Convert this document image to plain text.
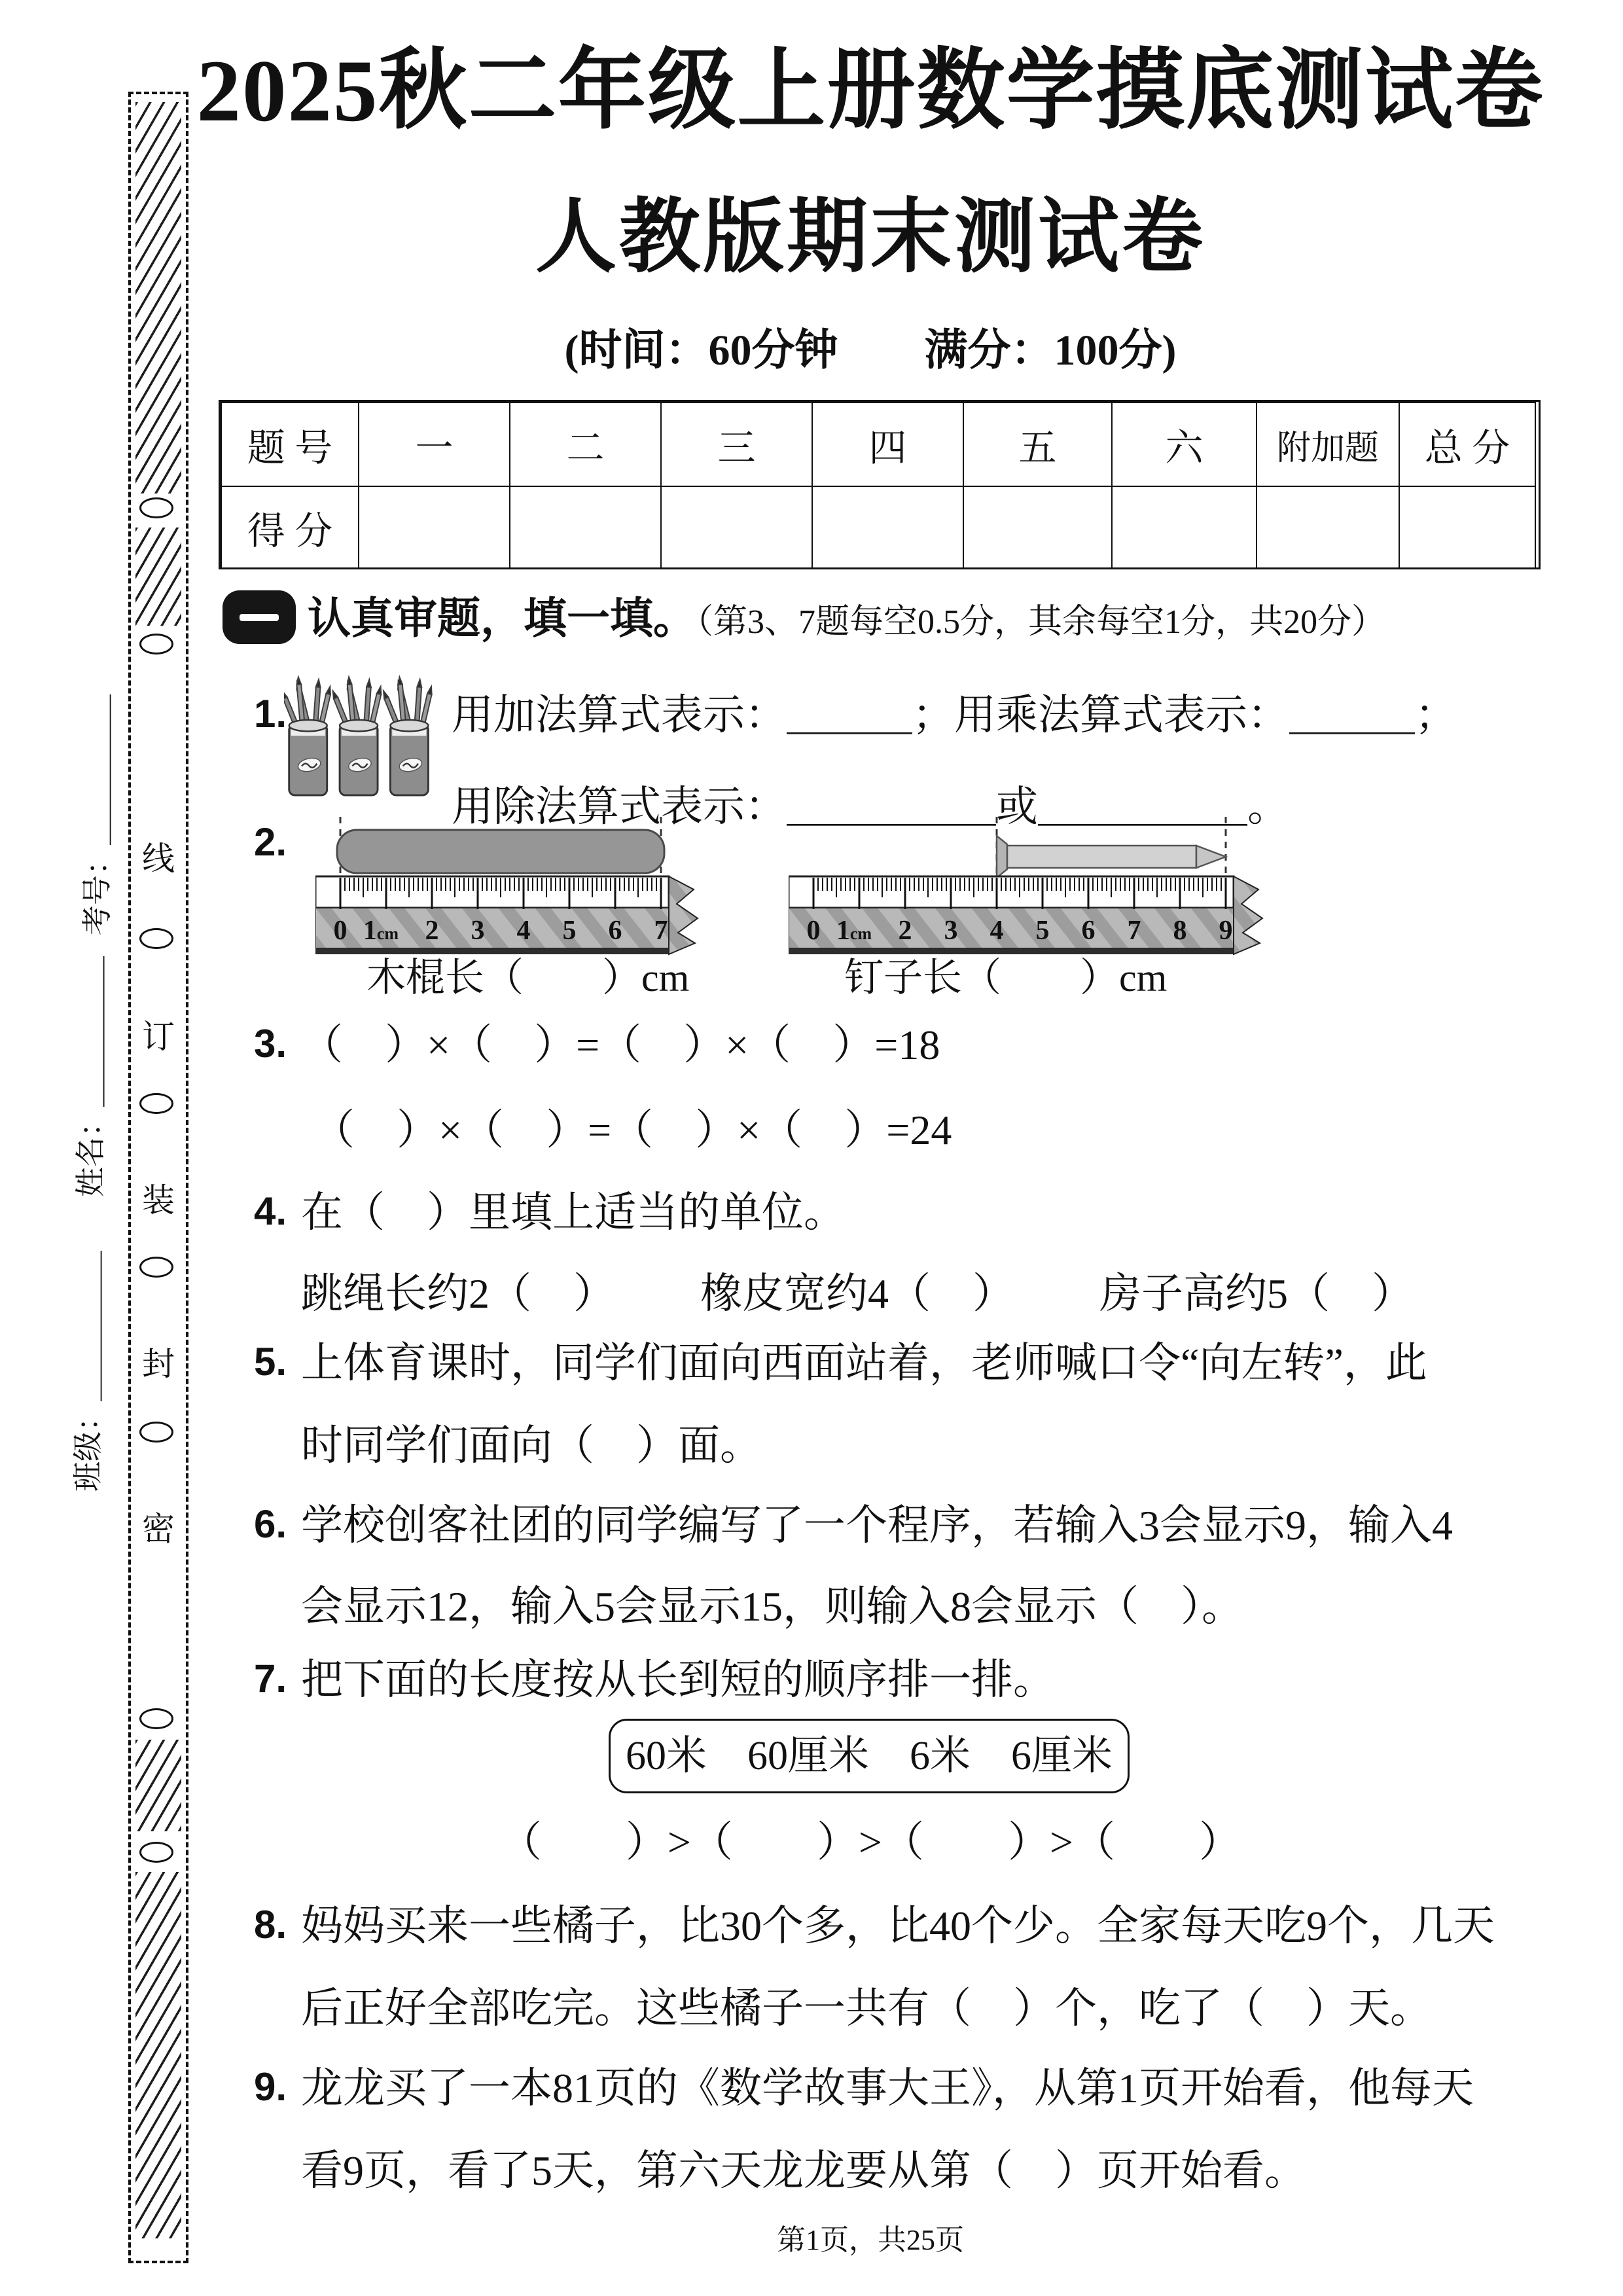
考号：＿＿＿＿＿
姓名：＿＿＿＿＿
班级：＿＿＿＿＿
线
订
装
封
密
2025秋二年级上册数学摸底测试卷
人教版期末测试卷
(时间：60分钟　　满分：100分)
题 号	一	二	三	四	五	六	附加题	总 分
得 分								
认真审题，填一填。（第3、7题每空0.5分，其余每空1分，共20分）
1.	用加法算式表示：＿＿＿；用乘法算式表示：＿＿＿；
用除法算式表示：＿＿＿＿＿或＿＿＿＿＿。
2.
0 1cm 2 3 4 5 6 7	0 1cm 2 3 4 5 6 7 8 9
木棍长（　　）cm	钉子长（　　）cm
3. （　）×（　）=（　）×（　）=18
（　）×（　）=（　）×（　）=24
4. 在（　）里填上适当的单位。
跳绳长约2（　） 橡皮宽约4（　） 房子高约5（　）
5. 上体育课时，同学们面向西面站着，老师喊口令“向左转”，此
时同学们面向（　）面。
6. 学校创客社团的同学编写了一个程序，若输入3会显示9，输入4
会显示12，输入5会显示15，则输入8会显示（　）。
7. 把下面的长度按从长到短的顺序排一排。
60米　60厘米　6米　6厘米
（　　）>（　　）>（　　）>（　　）
8. 妈妈买来一些橘子，比30个多，比40个少。全家每天吃9个，几天
后正好全部吃完。这些橘子一共有（　）个，吃了（　）天。
9. 龙龙买了一本81页的《数学故事大王》，从第1页开始看，他每天
看9页，看了5天，第六天龙龙要从第（　）页开始看。
第1页，共25页
